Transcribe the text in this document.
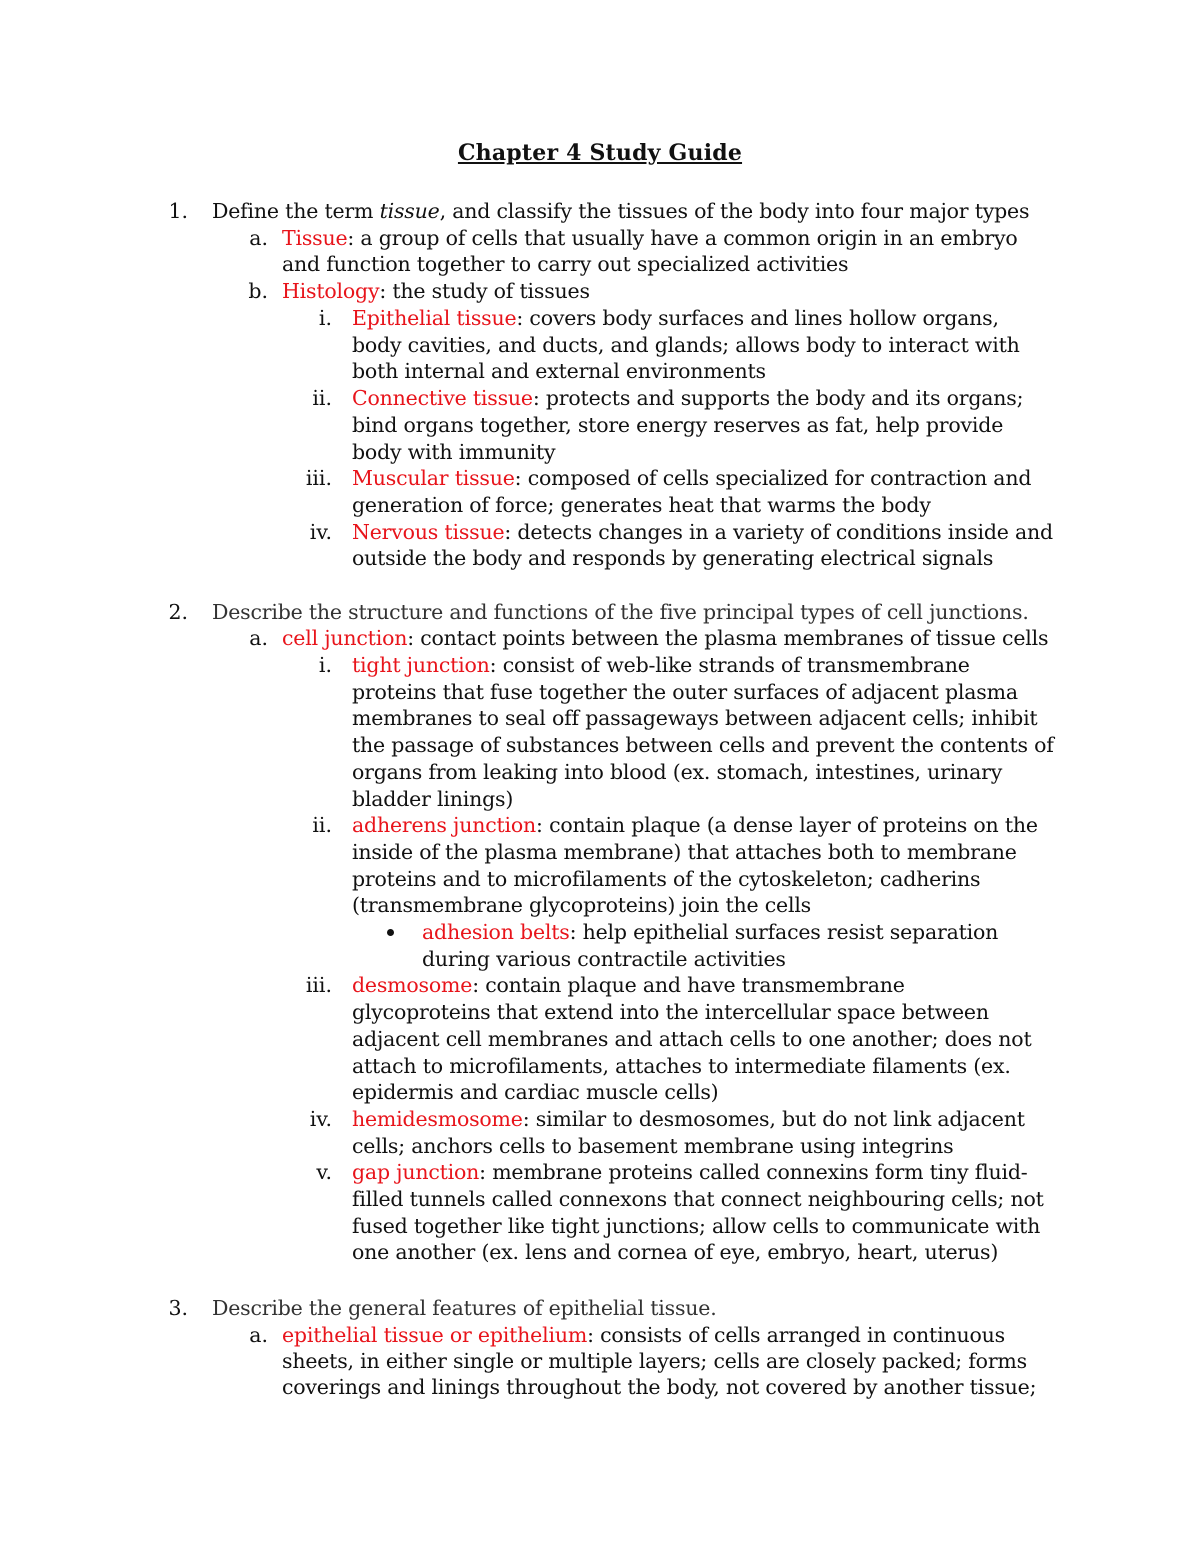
Chapter 4 Study Guide
1. Define the term tissue, and classify the tissues of the body into four major types
a. Tissue: a group of cells that usually have a common origin in an embryo
and function together to carry out specialized activities
b. Histology: the study of tissues
i. Epithelial tissue: covers body surfaces and lines hollow organs,
body cavities, and ducts, and glands; allows body to interact with
both internal and external environments
ii. Connective tissue: protects and supports the body and its organs;
bind organs together, store energy reserves as fat, help provide
body with immunity
iii. Muscular tissue: composed of cells specialized for contraction and
generation of force; generates heat that warms the body
iv. Nervous tissue: detects changes in a variety of conditions inside and
outside the body and responds by generating electrical signals
2. Describe the structure and functions of the five principal types of cell junctions.
a. cell junction: contact points between the plasma membranes of tissue cells
i. tight junction: consist of web-like strands of transmembrane
proteins that fuse together the outer surfaces of adjacent plasma
membranes to seal off passageways between adjacent cells; inhibit
the passage of substances between cells and prevent the contents of
organs from leaking into blood (ex. stomach, intestines, urinary
bladder linings)
ii. adherens junction: contain plaque (a dense layer of proteins on the
inside of the plasma membrane) that attaches both to membrane
proteins and to microfilaments of the cytoskeleton; cadherins
(transmembrane glycoproteins) join the cells
adhesion belts: help epithelial surfaces resist separation
during various contractile activities
iii. desmosome: contain plaque and have transmembrane
glycoproteins that extend into the intercellular space between
adjacent cell membranes and attach cells to one another; does not
attach to microfilaments, attaches to intermediate filaments (ex.
epidermis and cardiac muscle cells)
iv. hemidesmosome: similar to desmosomes, but do not link adjacent
cells; anchors cells to basement membrane using integrins
v. gap junction: membrane proteins called connexins form tiny fluid-
filled tunnels called connexons that connect neighbouring cells; not
fused together like tight junctions; allow cells to communicate with
one another (ex. lens and cornea of eye, embryo, heart, uterus)
3. Describe the general features of epithelial tissue.
a. epithelial tissue or epithelium: consists of cells arranged in continuous
sheets, in either single or multiple layers; cells are closely packed; forms
coverings and linings throughout the body, not covered by another tissue;
